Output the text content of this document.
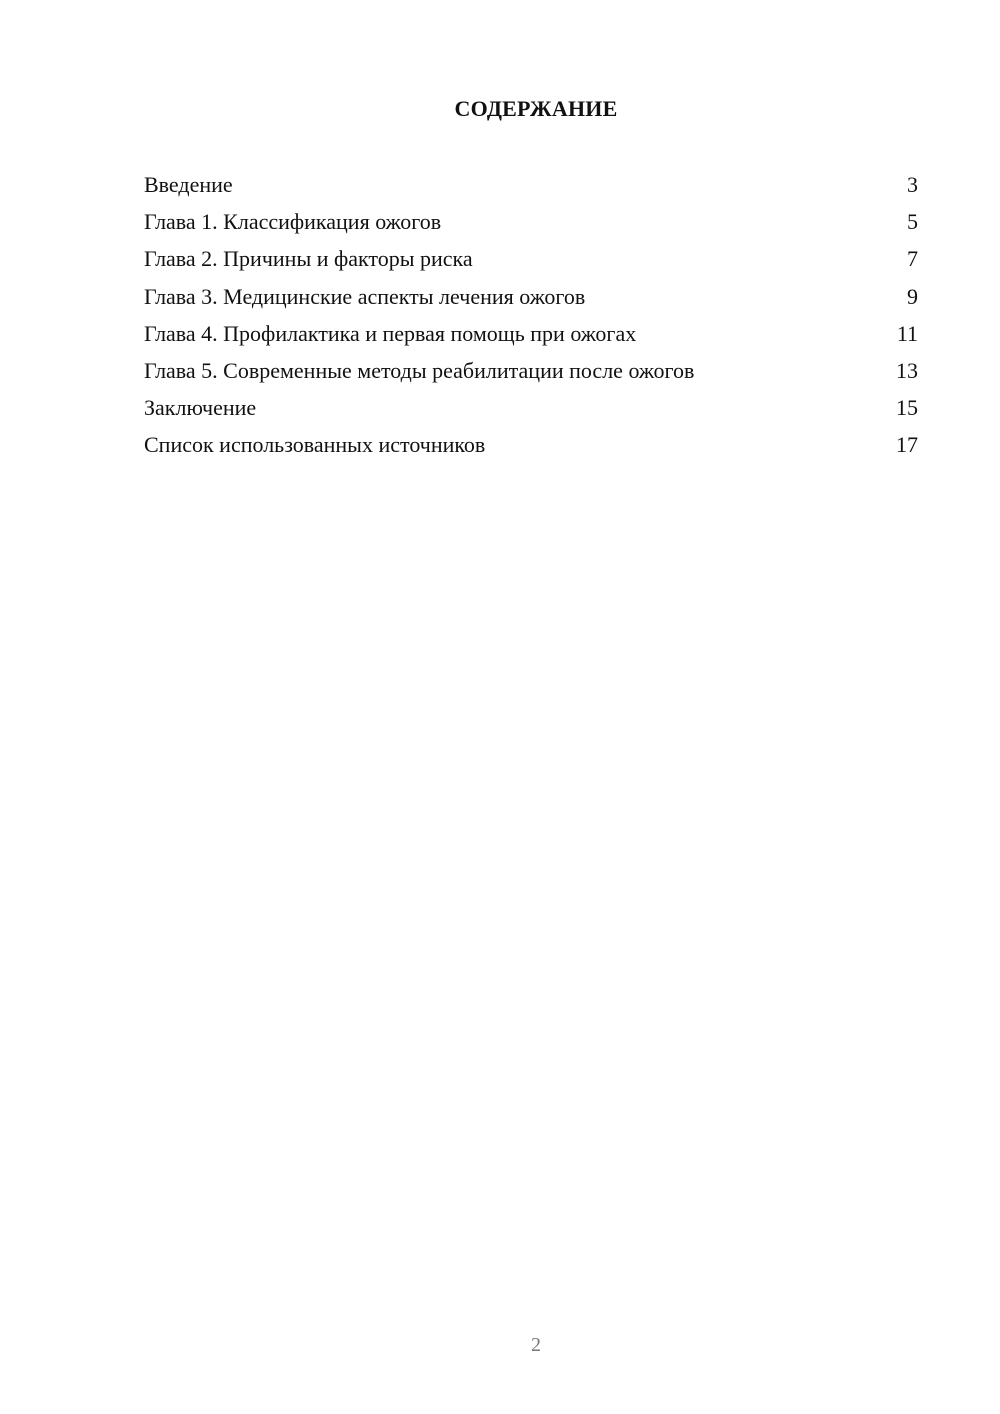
СОДЕРЖАНИЕ
Введение	3
Глава 1. Классификация ожогов	5
Глава 2. Причины и факторы риска	7
Глава 3. Медицинские аспекты лечения ожогов	9
Глава 4. Профилактика и первая помощь при ожогах	11
Глава 5. Современные методы реабилитации после ожогов	13
Заключение	15
Список использованных источников	17
2
